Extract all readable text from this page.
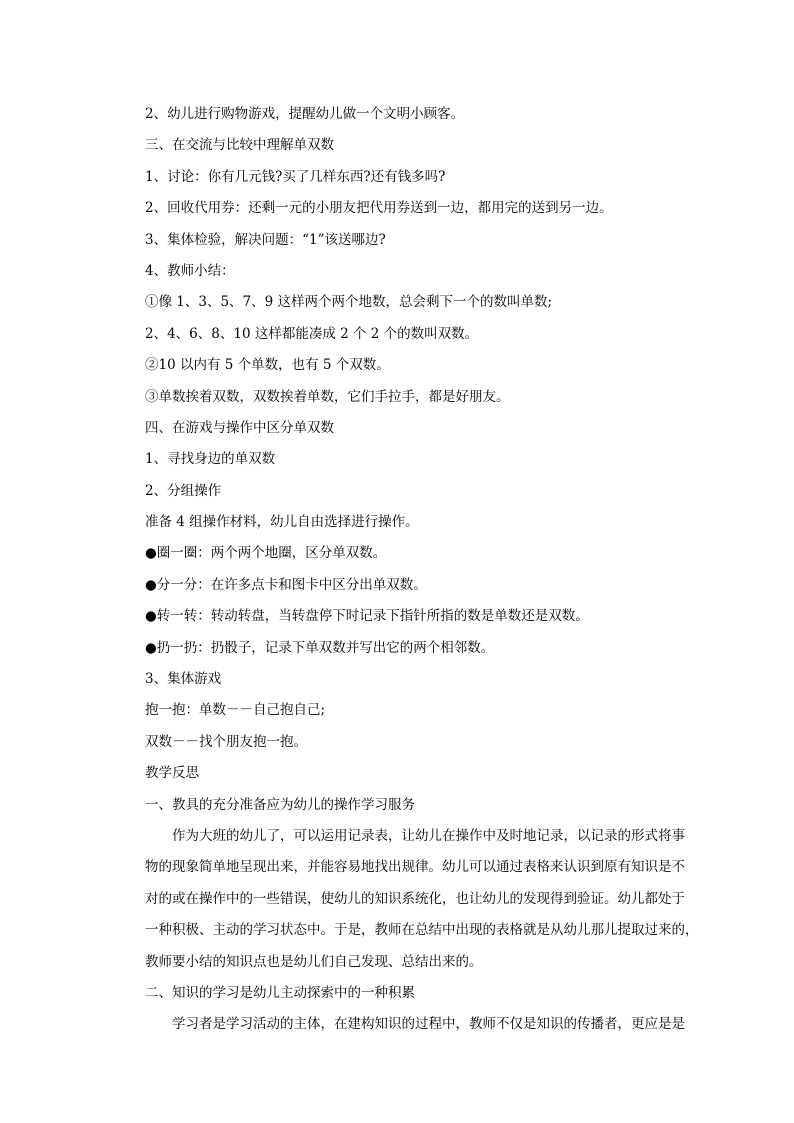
2、幼儿进行购物游戏，提醒幼儿做一个文明小顾客。
三、在交流与比较中理解单双数
1、讨论：你有几元钱?买了几样东西?还有钱多吗?
2、回收代用券：还剩一元的小朋友把代用券送到一边，都用完的送到另一边。
3、集体检验，解决问题：“1”该送哪边?
4、教师小结：
①像 1、3、5、7、9 这样两个两个地数，总会剩下一个的数叫单数;
2、4、6、8、10 这样都能凑成 2 个 2 个的数叫双数。
②10 以内有 5 个单数，也有 5 个双数。
③单数挨着双数，双数挨着单数，它们手拉手，都是好朋友。
四、在游戏与操作中区分单双数
1、寻找身边的单双数
2、分组操作
准备 4 组操作材料，幼儿自由选择进行操作。
●圈一圈：两个两个地圈，区分单双数。
●分一分：在许多点卡和图卡中区分出单双数。
●转一转：转动转盘，当转盘停下时记录下指针所指的数是单数还是双数。
●扔一扔：扔骰子，记录下单双数并写出它的两个相邻数。
3、集体游戏
抱一抱：单数－－自己抱自己;
双数－－找个朋友抱一抱。
教学反思
一、教具的充分准备应为幼儿的操作学习服务
作为大班的幼儿了，可以运用记录表，让幼儿在操作中及时地记录，以记录的形式将事
物的现象简单地呈现出来，并能容易地找出规律。幼儿可以通过表格来认识到原有知识是不
对的或在操作中的一些错误，使幼儿的知识系统化，也让幼儿的发现得到验证。幼儿都处于
一种积极、主动的学习状态中。于是，教师在总结中出现的表格就是从幼儿那儿提取过来的，
教师要小结的知识点也是幼儿们自己发现、总结出来的。
二、知识的学习是幼儿主动探索中的一种积累
学习者是学习活动的主体，在建构知识的过程中，教师不仅是知识的传播者，更应是是
